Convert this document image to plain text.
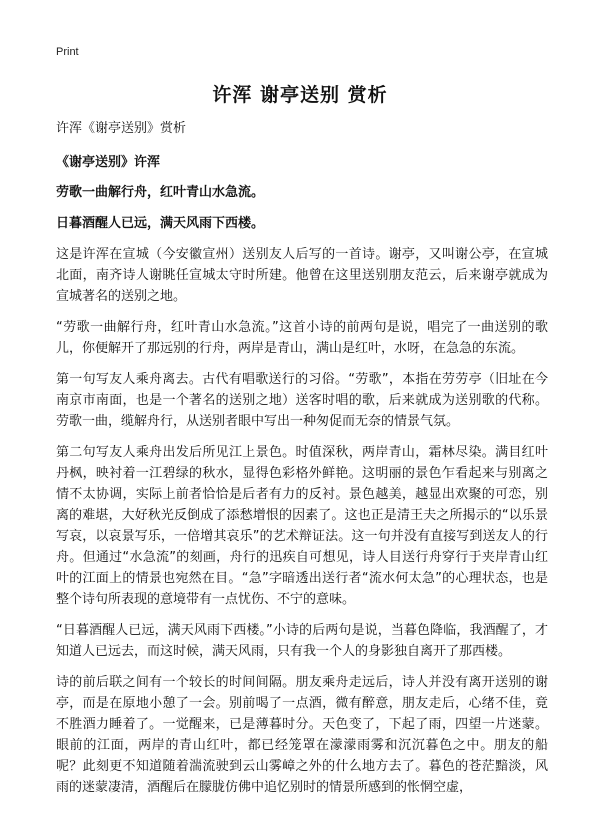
Print
许浑 谢亭送别 赏析

许浑《谢亭送别》赏析

《谢亭送别》许浑

劳歌一曲解行舟，红叶青山水急流。

日暮酒醒人已远，满天风雨下西楼。

这是许浑在宣城（今安徽宣州）送别友人后写的一首诗。谢亭，又叫谢公亭，在宣城北面，南齐诗人谢眺任宣城太守时所建。他曾在这里送别朋友范云，后来谢亭就成为宣城著名的送别之地。

“劳歌一曲解行舟，红叶青山水急流。”这首小诗的前两句是说，唱完了一曲送别的歌儿，你便解开了那远别的行舟，两岸是青山，满山是红叶，水呀，在急急的东流。

第一句写友人乘舟离去。古代有唱歌送行的习俗。“劳歌”，本指在劳劳亭（旧址在今南京市南面，也是一个著名的送别之地）送客时唱的歌，后来就成为送别歌的代称。劳歌一曲，缆解舟行，从送别者眼中写出一种匆促而无奈的情景气氛。

第二句写友人乘舟出发后所见江上景色。时值深秋，两岸青山，霜林尽染。满目红叶丹枫，映衬着一江碧绿的秋水，显得色彩格外鲜艳。这明丽的景色乍看起来与别离之情不太协调，实际上前者恰恰是后者有力的反衬。景色越美，越显出欢聚的可恋，别离的难堪，大好秋光反倒成了添愁增恨的因素了。这也正是清王夫之所揭示的“以乐景写哀，以哀景写乐，一倍增其哀乐”的艺术辩证法。这一句并没有直接写到送友人的行舟。但通过“水急流”的刻画，舟行的迅疾自可想见，诗人目送行舟穿行于夹岸青山红叶的江面上的情景也宛然在目。“急”字暗透出送行者“流水何太急”的心理状态，也是整个诗句所表现的意境带有一点忧伤、不宁的意味。

“日暮酒醒人已远，满天风雨下西楼。”小诗的后两句是说，当暮色降临，我酒醒了，才知道人已远去，而这时候，满天风雨，只有我一个人的身影独自离开了那西楼。

诗的前后联之间有一个较长的时间间隔。朋友乘舟走远后，诗人并没有离开送别的谢亭，而是在原地小憩了一会。别前喝了一点酒，微有醉意，朋友走后，心绪不佳，竟不胜酒力睡着了。一觉醒来，已是薄暮时分。天色变了，下起了雨，四望一片迷蒙。眼前的江面，两岸的青山红叶，都已经笼罩在濛濛雨雾和沉沉暮色之中。朋友的船呢？此刻更不知道随着湍流驶到云山雾嶂之外的什么地方去了。暮色的苍茫黯淡，风雨的迷蒙凄清，酒醒后在朦胧仿佛中追忆别时的情景所感到的怅惘空虚，
